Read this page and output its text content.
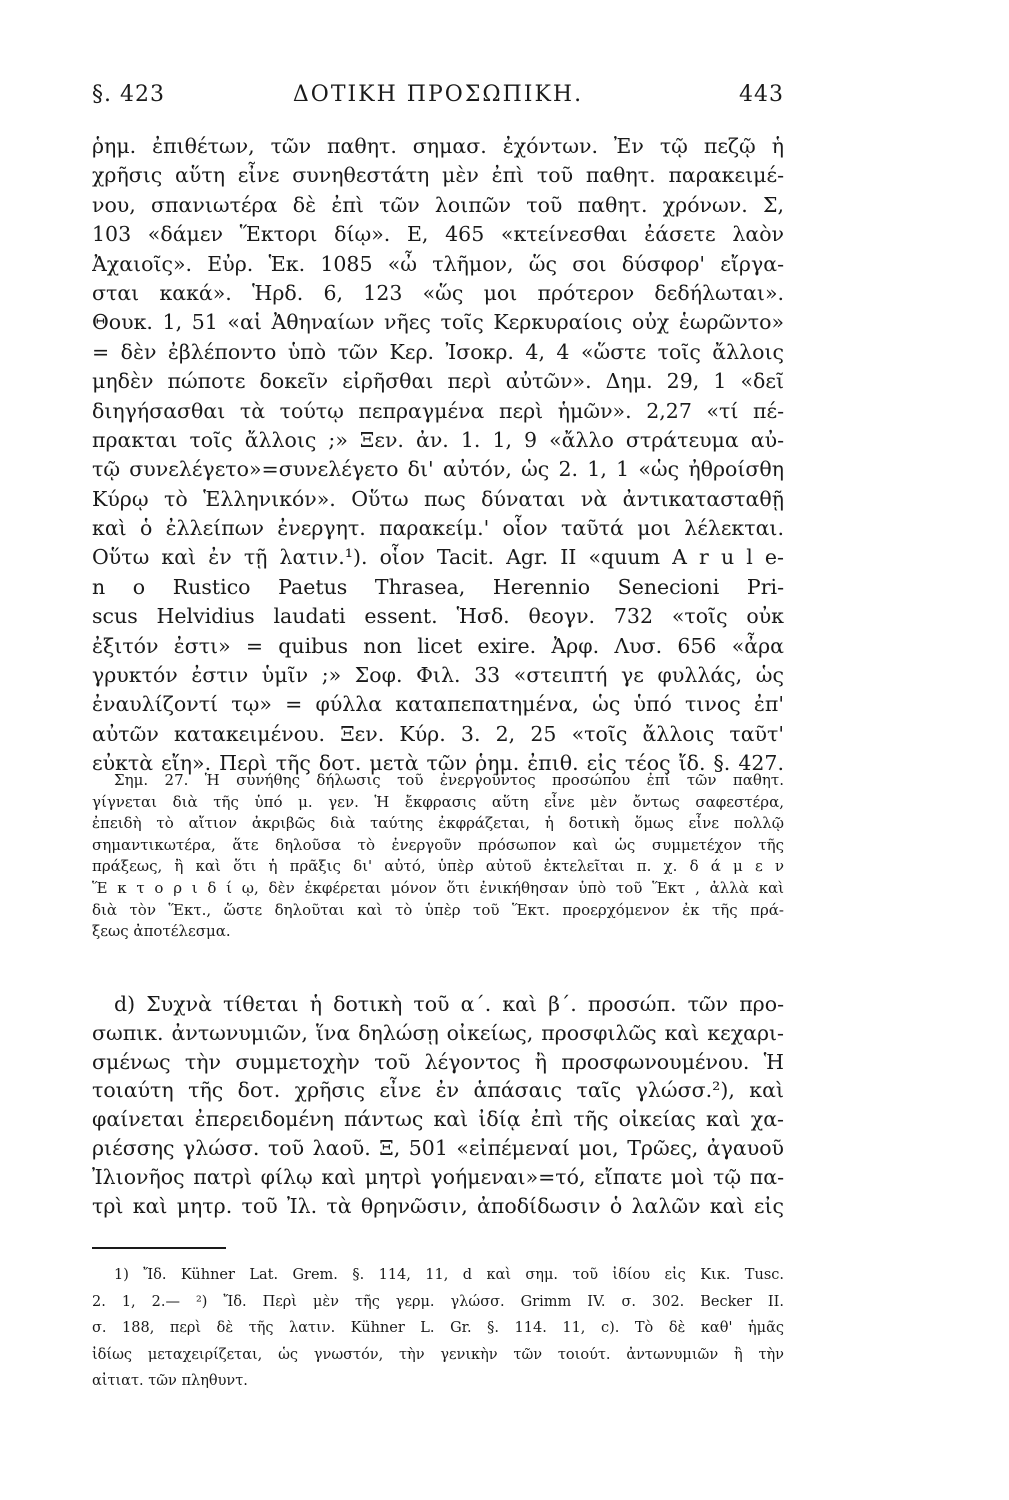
§. 423	ΔΟΤΙΚΗ ΠΡΟΣΩΠΙΚΗ.	443
ῥημ. ἐπιθέτων, τῶν παθητ. σημασ. ἐχόντων. Ἐν τῷ πεζῷ ἡ
χρῆσις αὕτη εἶνε συνηθεστάτη μὲν ἐπὶ τοῦ παθητ. παρακειμέ-
νου, σπανιωτέρα δὲ ἐπὶ τῶν λοιπῶν τοῦ παθητ. χρόνων. Σ,
103 «δάμεν Ἕκτορι δίῳ». Ε, 465 «κτείνεσθαι ἐάσετε λαὸν
Ἀχαιοῖς». Εὐρ. Ἑκ. 1085 «ὦ τλῆμον, ὥς σοι δύσφορ' εἴργα-
σται κακά». Ἡρδ. 6, 123 «ὥς μοι πρότερον δεδήλωται».
Θουκ. 1, 51 «αἱ Ἀθηναίων νῆες τοῖς Κερκυραίοις οὐχ ἑωρῶντο»
= δὲν ἐβλέποντο ὑπὸ τῶν Κερ. Ἰσοκρ. 4, 4 «ὥστε τοῖς ἄλλοις
μηδὲν πώποτε δοκεῖν εἰρῆσθαι περὶ αὐτῶν». Δημ. 29, 1 «δεῖ
διηγήσασθαι τὰ τούτῳ πεπραγμένα περὶ ἡμῶν». 2,27 «τί πέ-
πρακται τοῖς ἄλλοις ;» Ξεν. ἀν. 1. 1, 9 «ἄλλο στράτευμα αὐ-
τῷ συνελέγετο»=συνελέγετο δι' αὐτόν, ὡς 2. 1, 1 «ὡς ἠθροίσθη
Κύρῳ τὸ Ἑλληνικόν». Οὕτω πως δύναται νὰ ἀντικατασταθῇ
καὶ ὁ ἐλλείπων ἐνεργητ. παρακείμ.' οἷον ταῦτά μοι λέλεκται.
Οὕτω καὶ ἐν τῇ λατιν.¹). οἷον Tacit. Agr. II «quum A r u l e-
n o Rustico Paetus Thrasea, Herennio Senecioni Pri-
scus Helvidius laudati essent. Ἡσδ. θεογν. 732 «τοῖς οὐκ
ἐξιτόν ἐστι» = quibus non licet exire. Ἀρφ. Λυσ. 656 «ἆρα
γρυκτόν ἐστιν ὑμῖν ;» Σοφ. Φιλ. 33 «στειπτή γε φυλλάς, ὡς
ἐναυλίζοντί τῳ» = φύλλα καταπεπατημένα, ὡς ὑπό τινος ἐπ'
αὐτῶν κατακειμένου. Ξεν. Κύρ. 3. 2, 25 «τοῖς ἄλλοις ταῦτ'
εὐκτὰ εἴη». Περὶ τῆς δοτ. μετὰ τῶν ῥημ. ἐπιθ. εἰς τέος ἴδ. §. 427.
Σημ. 27. Ἡ συνήθης δήλωσις τοῦ ἐνεργοῦντος προσώπου ἐπὶ τῶν παθητ.
γίγνεται διὰ τῆς ὑπό μ. γεν. Ἡ ἔκφρασις αὕτη εἶνε μὲν ὄντως σαφεστέρα,
ἐπειδὴ τὸ αἴτιον ἀκριβῶς διὰ ταύτης ἐκφράζεται, ἡ δοτικὴ ὅμως εἶνε πολλῷ
σημαντικωτέρα, ἅτε δηλοῦσα τὸ ἐνεργοῦν πρόσωπον καὶ ὡς συμμετέχον τῆς
πράξεως, ἢ καὶ ὅτι ἡ πρᾶξις δι' αὐτό, ὑπὲρ αὐτοῦ ἐκτελεῖται π. χ. δ ά μ ε ν
Ἕ κ τ ο ρ ι δ ί ῳ, δὲν ἐκφέρεται μόνον ὅτι ἐνικήθησαν ὑπὸ τοῦ Ἕκτ , ἀλλὰ καὶ
διὰ τὸν Ἕκτ., ὥστε δηλοῦται καὶ τὸ ὑπὲρ τοῦ Ἕκτ. προερχόμενον ἐκ τῆς πρά-
ξεως ἀποτέλεσμα.
d) Συχνὰ τίθεται ἡ δοτικὴ τοῦ α΄. καὶ β΄. προσώπ. τῶν προ-
σωπικ. ἀντωνυμιῶν, ἵνα δηλώσῃ οἰκείως, προσφιλῶς καὶ κεχαρι-
σμένως τὴν συμμετοχὴν τοῦ λέγοντος ἢ προσφωνουμένου. Ἡ
τοιαύτη τῆς δοτ. χρῆσις εἶνε ἐν ἁπάσαις ταῖς γλώσσ.²), καὶ
φαίνεται ἐπερειδομένη πάντως καὶ ἰδίᾳ ἐπὶ τῆς οἰκείας καὶ χα-
ριέσσης γλώσσ. τοῦ λαοῦ. Ξ, 501 «εἰπέμεναί μοι, Τρῶες, ἀγαυοῦ
Ἰλιονῆος πατρὶ φίλῳ καὶ μητρὶ γοήμεναι»=τό, εἴπατε μοὶ τῷ πα-
τρὶ καὶ μητρ. τοῦ Ἰλ. τὰ θρηνῶσιν, ἀποδίδωσιν ὁ λαλῶν καὶ εἰς
1) Ἴδ. Kühner Lat. Grem. §. 114, 11, d καὶ σημ. τοῦ ἰδίου εἰς Κικ. Tusc.
2. 1, 2.— ²) Ἴδ. Περὶ μὲν τῆς γερμ. γλώσσ. Grimm IV. σ. 302. Becker II.
σ. 188, περὶ δὲ τῆς λατιν. Kühner L. Gr. §. 114. 11, c). Τὸ δὲ καθ' ἡμᾶς
ἰδίως μεταχειρίζεται, ὡς γνωστόν, τὴν γενικὴν τῶν τοιούτ. ἀντωνυμιῶν ἢ τὴν
αἰτιατ. τῶν πληθυντ.
